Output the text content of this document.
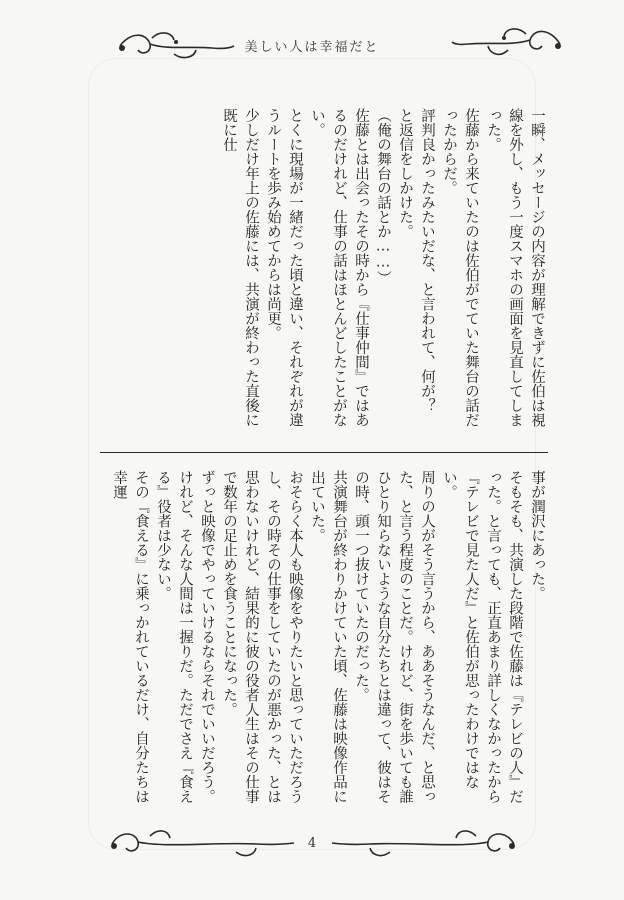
美しい人は幸福だと

一瞬、メッセージの内容が理解できずに佐伯は視線を外し、もう一度スマホの画面を見直してしまった。

佐藤から来ていたのは佐伯がでていた舞台の話だったからだ。

評判良かったみたいだな、と言われて、何が？　と返信をしかけた。

（俺の舞台の話とか……）

佐藤とは出会ったその時から『仕事仲間』ではあるのだけれど、仕事の話はほとんどしたことがない。

とくに現場が一緒だった頃と違い、それぞれが違うルートを歩み始めてからは尚更。

少しだけ年上の佐藤には、共演が終わった直後に既に仕

事が潤沢にあった。

そもそも、共演した段階で佐藤は『テレビの人』だった。と言っても、正直あまり詳しくなかったから『テレビで見た人だ』と佐伯が思ったわけではない。

周りの人がそう言うから、ああそうなんだ、と思った、と言う程度のことだ。けれど、街を歩いても誰ひとり知らないような自分たちとは違って、彼はその時、頭一つ抜けていたのだった。

共演舞台が終わりかけていた頃、佐藤は映像作品に出ていた。

おそらく本人も映像をやりたいと思っていただろうし、その時その仕事をしていたのが悪かった、とは思わないけれど、結果的に彼の役者人生はその仕事で数年の足止めを食うことになった。

ずっと映像でやっていけるならそれでいいだろう。けれど、そんな人間は一握りだ。ただでさえ『食える』役者は少ない。

その『食える』に乗っかれているだけ、自分たちは幸運

4
